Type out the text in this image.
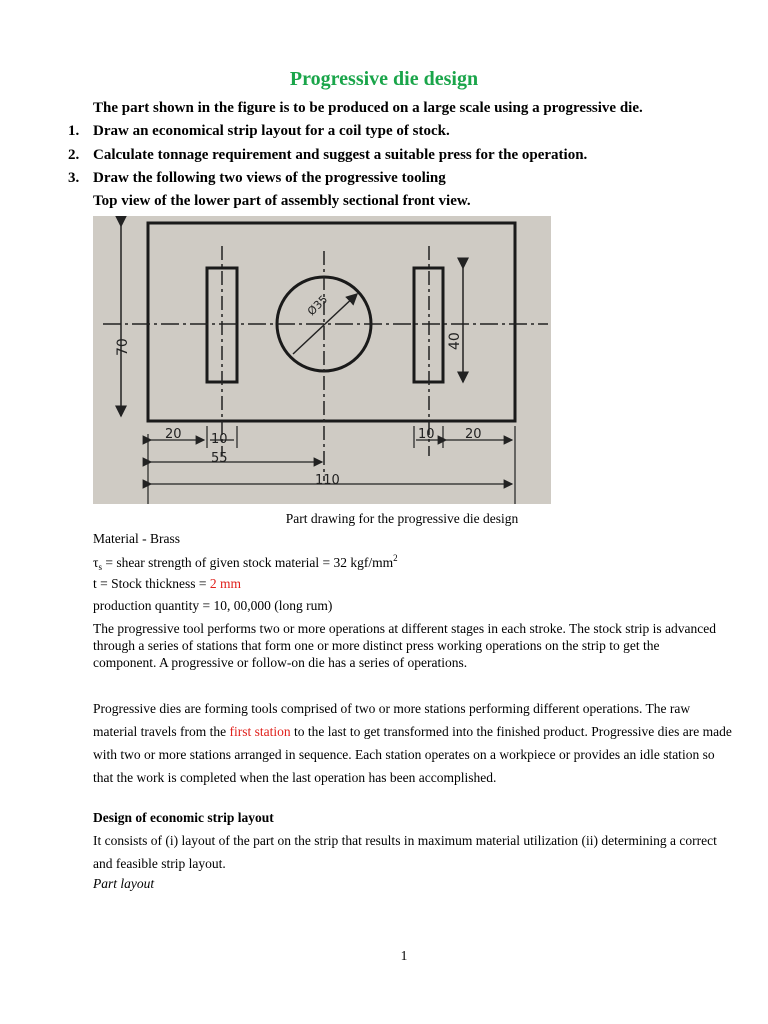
Progressive die design
The part shown in the figure is to be produced on a large scale using a progressive die.
1. Draw an economical strip layout for a coil type of stock.
2. Calculate tonnage requirement and suggest a suitable press for the operation.
3. Draw the following two views of the progressive tooling
Top view of the lower part of assembly sectional front view.
Ø35
70	40
20 10
55
10 20
110
Part drawing for the progressive die design
Material - Brass
$\tau_s$ = shear strength of given stock material = 32 kgf/$mm^2$
t = Stock thickness = 2 mm
production quantity = 10, 00,000 (long rum)
The progressive tool performs two or more operations at different stages in each stroke. The stock strip is advanced through a series of stations that form one or more distinct press working operations on the strip to get the component. A progressive or follow-on die has a series of operations.
Progressive dies are forming tools comprised of two or more stations performing different operations. The raw material travels from the first station to the last to get transformed into the finished product. Progressive dies are made with two or more stations arranged in sequence. Each station operates on a workpiece or provides an idle station so that the work is completed when the last operation has been accomplished.
Design of economic strip layout
It consists of (i) layout of the part on the strip that results in maximum material utilization (ii) determining a correct and feasible strip layout.
Part layout
1
